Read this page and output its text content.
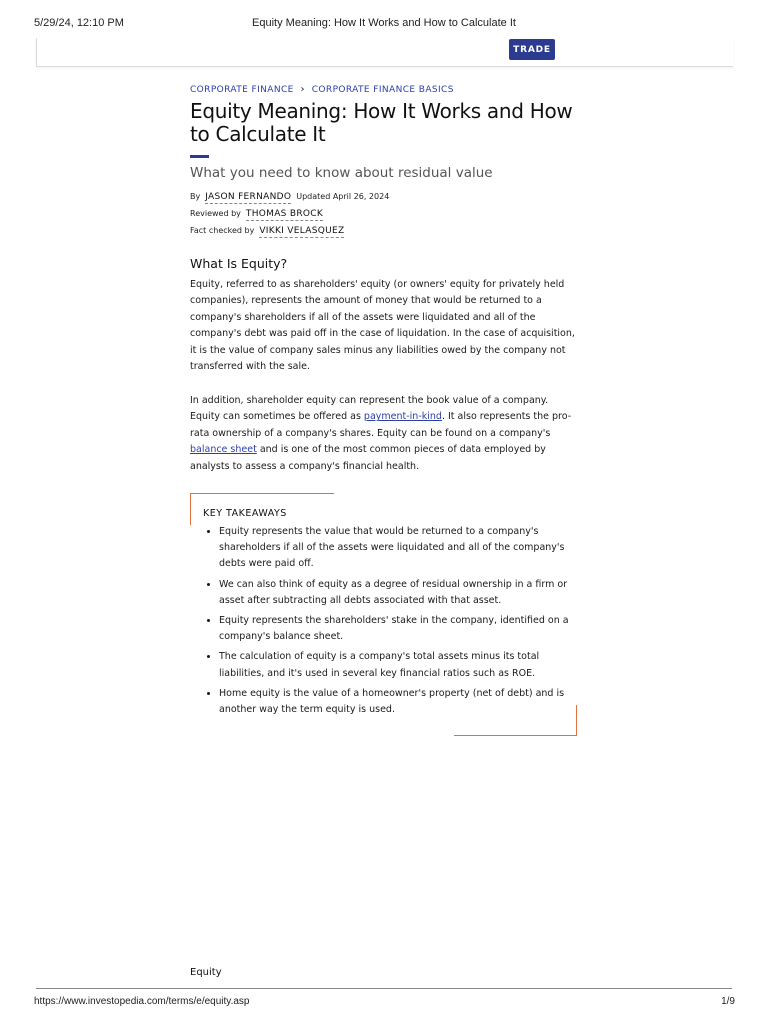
5/29/24, 12:10 PM	Equity Meaning: How It Works and How to Calculate It
TRADE
CORPORATE FINANCE › CORPORATE FINANCE BASICS
Equity Meaning: How It Works and How to Calculate It
What you need to know about residual value
By JASON FERNANDO Updated April 26, 2024
Reviewed by THOMAS BROCK
Fact checked by VIKKI VELASQUEZ
What Is Equity?

Equity, referred to as shareholders' equity (or owners' equity for privately held companies), represents the amount of money that would be returned to a company's shareholders if all of the assets were liquidated and all of the company's debt was paid off in the case of liquidation. In the case of acquisition, it is the value of company sales minus any liabilities owed by the company not transferred with the sale.

In addition, shareholder equity can represent the book value of a company. Equity can sometimes be offered as payment-in-kind. It also represents the pro-rata ownership of a company's shares. Equity can be found on a company's balance sheet and is one of the most common pieces of data employed by analysts to assess a company's financial health.

KEY TAKEAWAYS
• Equity represents the value that would be returned to a company's shareholders if all of the assets were liquidated and all of the company's debts were paid off.
• We can also think of equity as a degree of residual ownership in a firm or asset after subtracting all debts associated with that asset.
• Equity represents the shareholders' stake in the company, identified on a company's balance sheet.
• The calculation of equity is a company's total assets minus its total liabilities, and it's used in several key financial ratios such as ROE.
• Home equity is the value of a homeowner's property (net of debt) and is another way the term equity is used.
Equity
https://www.investopedia.com/terms/e/equity.asp	1/9
